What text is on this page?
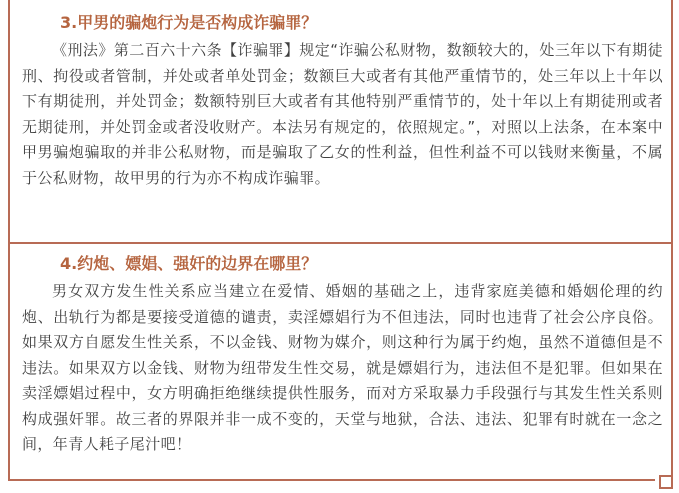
3.甲男的骗炮行为是否构成诈骗罪？

《刑法》第二百六十六条【诈骗罪】规定“诈骗公私财物，数额较大的，处三年以下有期徒刑、拘役或者管制，并处或者单处罚金；数额巨大或者有其他严重情节的，处三年以上十年以下有期徒刑，并处罚金；数额特别巨大或者有其他特别严重情节的，处十年以上有期徒刑或者无期徒刑，并处罚金或者没收财产。本法另有规定的，依照规定。”，对照以上法条，在本案中甲男骗炮骗取的并非公私财物，而是骗取了乙女的性利益，但性利益不可以钱财来衡量，不属于公私财物，故甲男的行为亦不构成诈骗罪。

4.约炮、嫖娼、强奸的边界在哪里？

男女双方发生性关系应当建立在爱情、婚姻的基础之上，违背家庭美德和婚姻伦理的约炮、出轨行为都是要接受道德的谴责，卖淫嫖娼行为不但违法，同时也违背了社会公序良俗。如果双方自愿发生性关系，不以金钱、财物为媒介，则这种行为属于约炮，虽然不道德但是不违法。如果双方以金钱、财物为纽带发生性交易，就是嫖娼行为，违法但不是犯罪。但如果在卖淫嫖娼过程中，女方明确拒绝继续提供性服务，而对方采取暴力手段强行与其发生性关系则构成强奸罪。故三者的界限并非一成不变的，天堂与地狱，合法、违法、犯罪有时就在一念之间，年青人耗子尾汁吧！
